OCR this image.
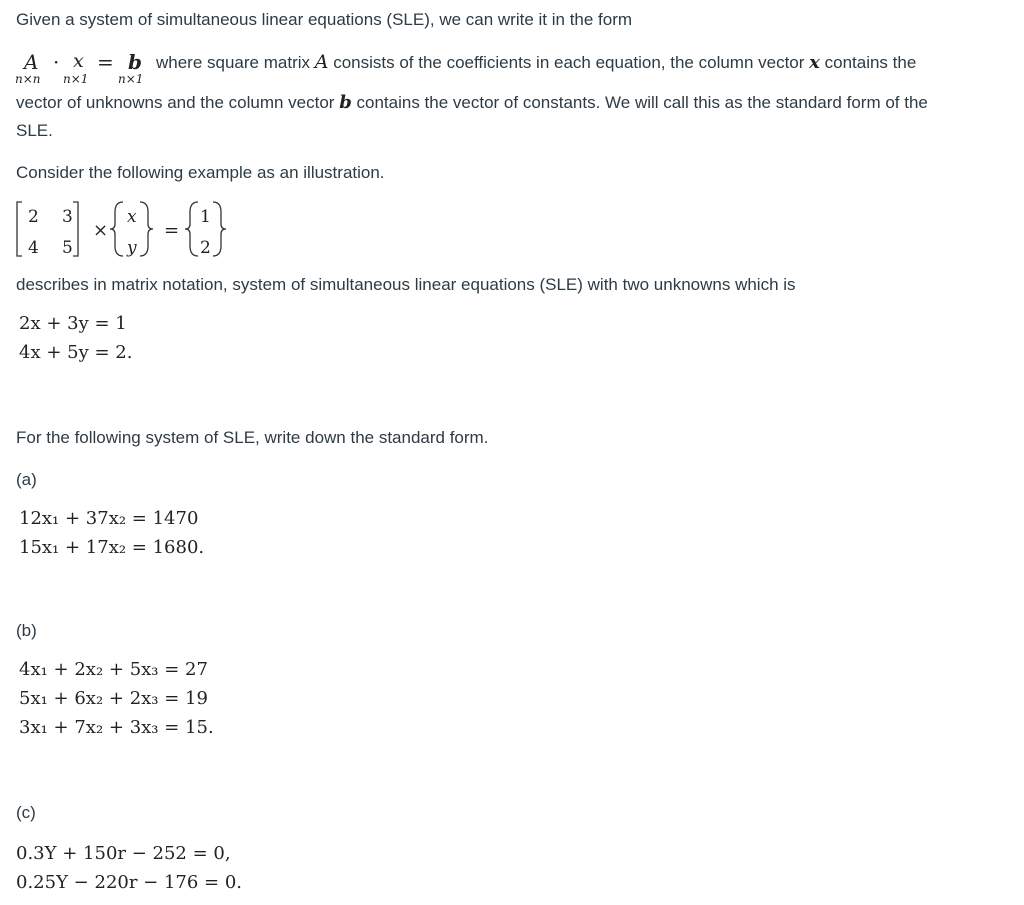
Given a system of simultaneous linear equations (SLE), we can write it in the form
A · x = b
n×n n×1 n×1
where square matrix A consists of the coefficients in each equation, the column vector x contains the
vector of unknowns and the column vector b contains the vector of constants. We will call this as the standard form of the
SLE.
Consider the following example as an illustration.
2 3
4 5
×
x
y
=
1
2
describes in matrix notation, system of simultaneous linear equations (SLE) with two unknowns which is
2x + 3y = 1
4x + 5y = 2.
For the following system of SLE, write down the standard form.
(a)
12x₁ + 37x₂ = 1470
15x₁ + 17x₂ = 1680.
(b)
4x₁ + 2x₂ + 5x₃ = 27
5x₁ + 6x₂ + 2x₃ = 19
3x₁ + 7x₂ + 3x₃ = 15.
(c)
0.3Y + 150r − 252 = 0,
0.25Y − 220r − 176 = 0.
